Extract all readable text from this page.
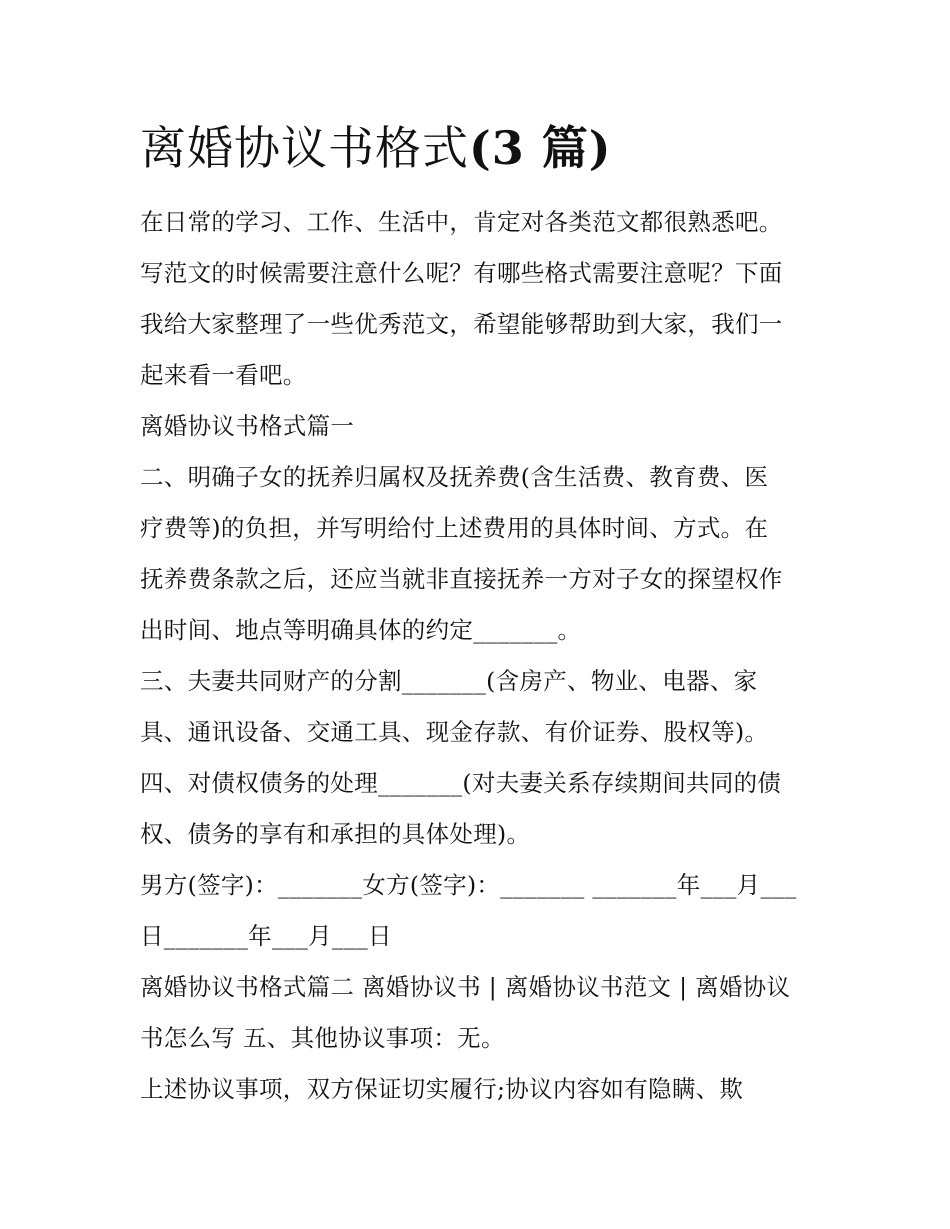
离婚协议书格式(3 篇)
在日常的学习、工作、生活中，肯定对各类范文都很熟悉吧。
写范文的时候需要注意什么呢？有哪些格式需要注意呢？下面
我给大家整理了一些优秀范文，希望能够帮助到大家，我们一
起来看一看吧。
离婚协议书格式篇一
二、明确子女的抚养归属权及抚养费(含生活费、教育费、医
疗费等)的负担，并写明给付上述费用的具体时间、方式。在
抚养费条款之后，还应当就非直接抚养一方对子女的探望权作
出时间、地点等明确具体的约定_______。
三、夫妻共同财产的分割_______(含房产、物业、电器、家
具、通讯设备、交通工具、现金存款、有价证券、股权等)。
四、对债权债务的处理_______(对夫妻关系存续期间共同的债
权、债务的享有和承担的具体处理)。
男方(签字)：_______女方(签字)：_______ _______年___月___
日_______年___月___日
离婚协议书格式篇二 离婚协议书 | 离婚协议书范文 | 离婚协议
书怎么写 五、其他协议事项：无。
上述协议事项，双方保证切实履行;协议内容如有隐瞒、欺
